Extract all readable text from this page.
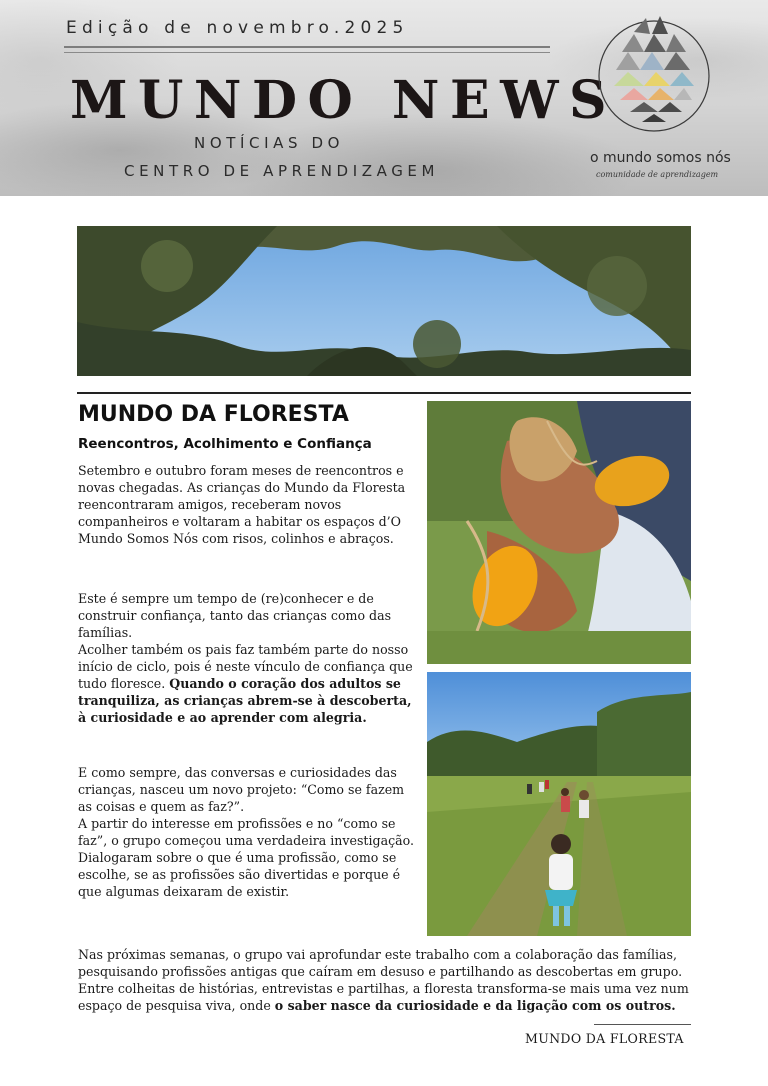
Edição de novembro.2025
MUNDO NEWS
NOTÍCIAS DO
CENTRO DE APRENDIZAGEM
o mundo somos nós
comunidade de aprendizagem
MUNDO DA FLORESTA
Reencontros, Acolhimento e Confiança
Setembro e outubro foram meses de reencontros e novas chegadas. As crianças do Mundo da Floresta reencontraram amigos, receberam novos companheiros e voltaram a habitar os espaços d’O Mundo Somos Nós com risos, colinhos e abraços.
Este é sempre um tempo de (re)conhecer e de construir confiança, tanto das crianças como das famílias.
Acolher também os pais faz também parte do nosso início de ciclo, pois é neste vínculo de confiança que tudo floresce. Quando o coração dos adultos se tranquiliza, as crianças abrem-se à descoberta, à curiosidade e ao aprender com alegria.
E como sempre, das conversas e curiosidades das crianças, nasceu um novo projeto: “Como se fazem as coisas e quem as faz?”.
A partir do interesse em profissões e no “como se faz”, o grupo começou uma verdadeira investigação.
Dialogaram sobre o que é uma profissão, como se escolhe, se as profissões são divertidas e porque é que algumas deixaram de existir.
Nas próximas semanas, o grupo vai aprofundar este trabalho com a colaboração das famílias, pesquisando profissões antigas que caíram em desuso e partilhando as descobertas em grupo. Entre colheitas de histórias, entrevistas e partilhas, a floresta transforma-se mais uma vez num espaço de pesquisa viva, onde o saber nasce da curiosidade e da ligação com os outros.
MUNDO DA FLORESTA
